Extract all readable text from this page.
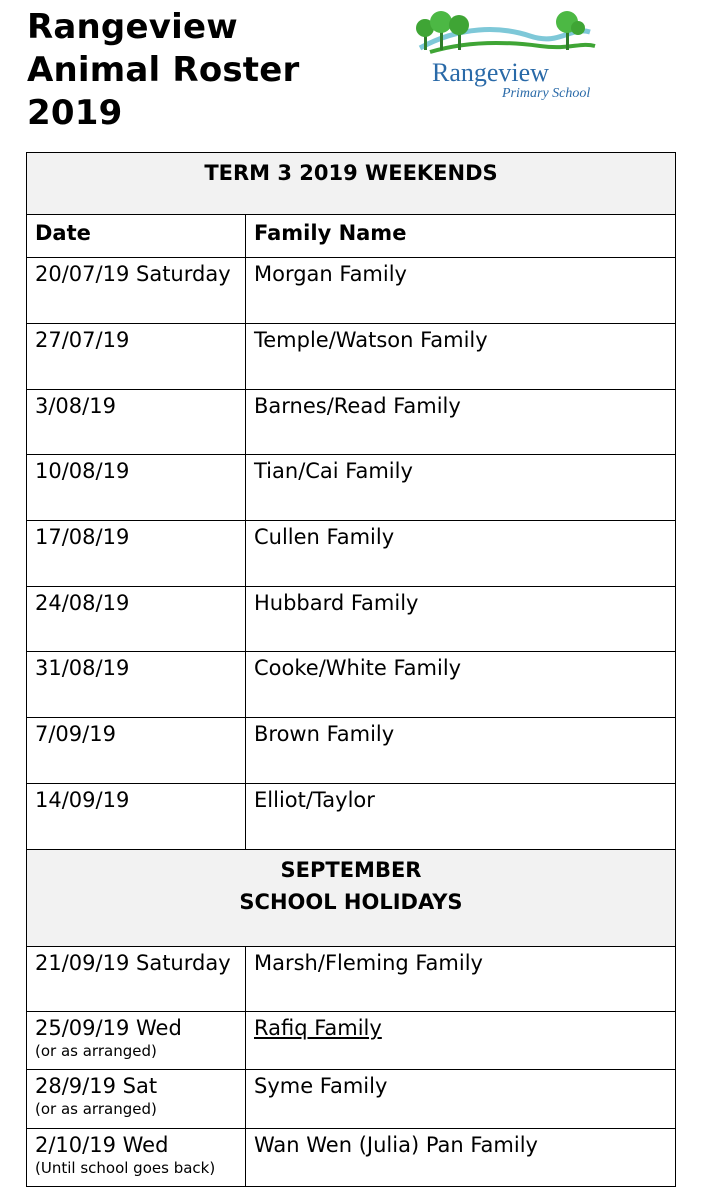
Rangeview
Animal Roster
2019
Rangeview
Primary School
TERM 3 2019 WEEKENDS	
Date	Family Name
20/07/19 Saturday	Morgan Family
27/07/19	Temple/Watson Family
3/08/19	Barnes/Read Family
10/08/19	Tian/Cai Family
17/08/19	Cullen Family
24/08/19	Hubbard Family
31/08/19	Cooke/White Family
7/09/19	Brown Family
14/09/19	Elliot/Taylor

SEPTEMBER
SCHOOL HOLIDAYS	

21/09/19 Saturday	Marsh/Fleming Family
25/09/19 Wed
(or as arranged)	Rafiq Family
28/9/19 Sat
(or as arranged)	Syme Family
2/10/19 Wed
(Until school goes back)	Wan Wen (Julia) Pan Family
